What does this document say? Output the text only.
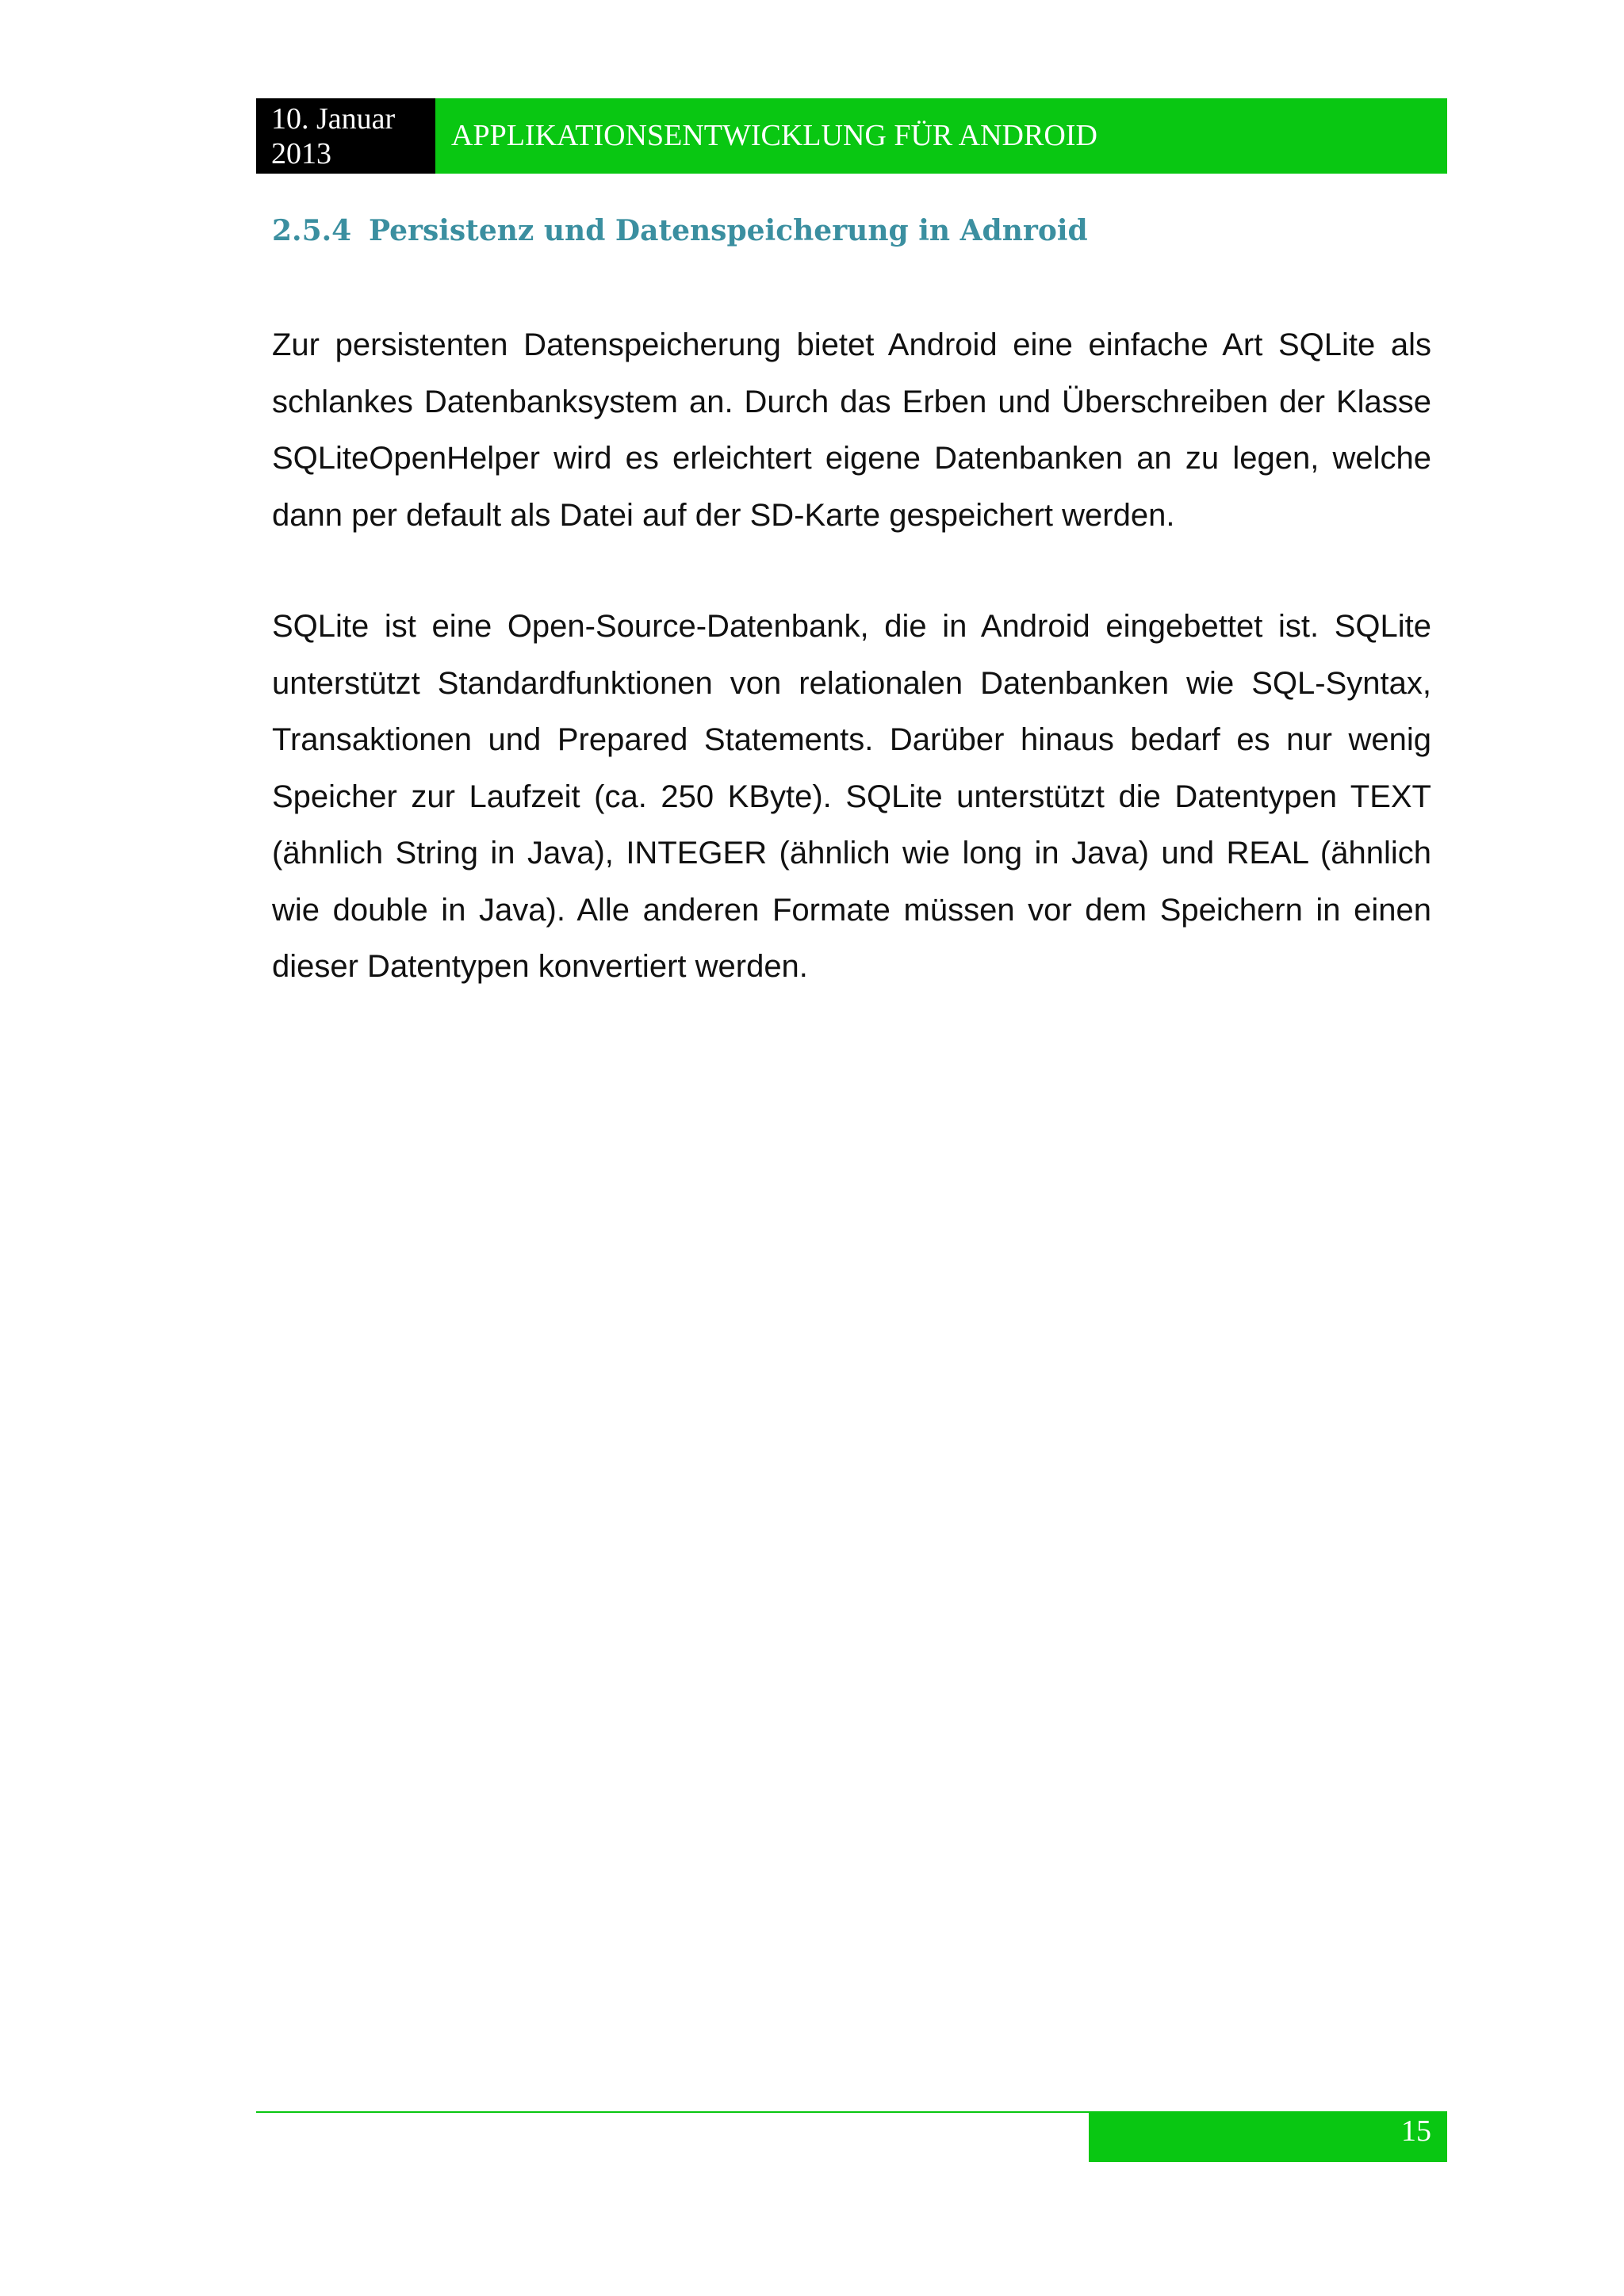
10. Januar
2013
APPLIKATIONSENTWICKLUNG FÜR ANDROID
2.5.4 Persistenz und Datenspeicherung in Adnroid

Zur persistenten Datenspeicherung bietet Android eine einfache Art SQLite als schlankes Datenbanksystem an. Durch das Erben und Überschreiben der Klasse SQLiteOpenHelper wird es erleichtert eigene Datenbanken an zu legen, welche dann per default als Datei auf der SD-Karte gespeichert werden.

SQLite ist eine Open-Source-Datenbank, die in Android eingebettet ist. SQLite unterstützt Standardfunktionen von relationalen Datenbanken wie SQL-Syntax, Transaktionen und Prepared Statements. Darüber hinaus bedarf es nur wenig Speicher zur Laufzeit (ca. 250 KByte). SQLite unterstützt die Datentypen TEXT (ähnlich String in Java), INTEGER (ähnlich wie long in Java) und REAL (ähnlich wie double in Java). Alle anderen Formate müssen vor dem Speichern in einen dieser Datentypen konvertiert werden.

15
